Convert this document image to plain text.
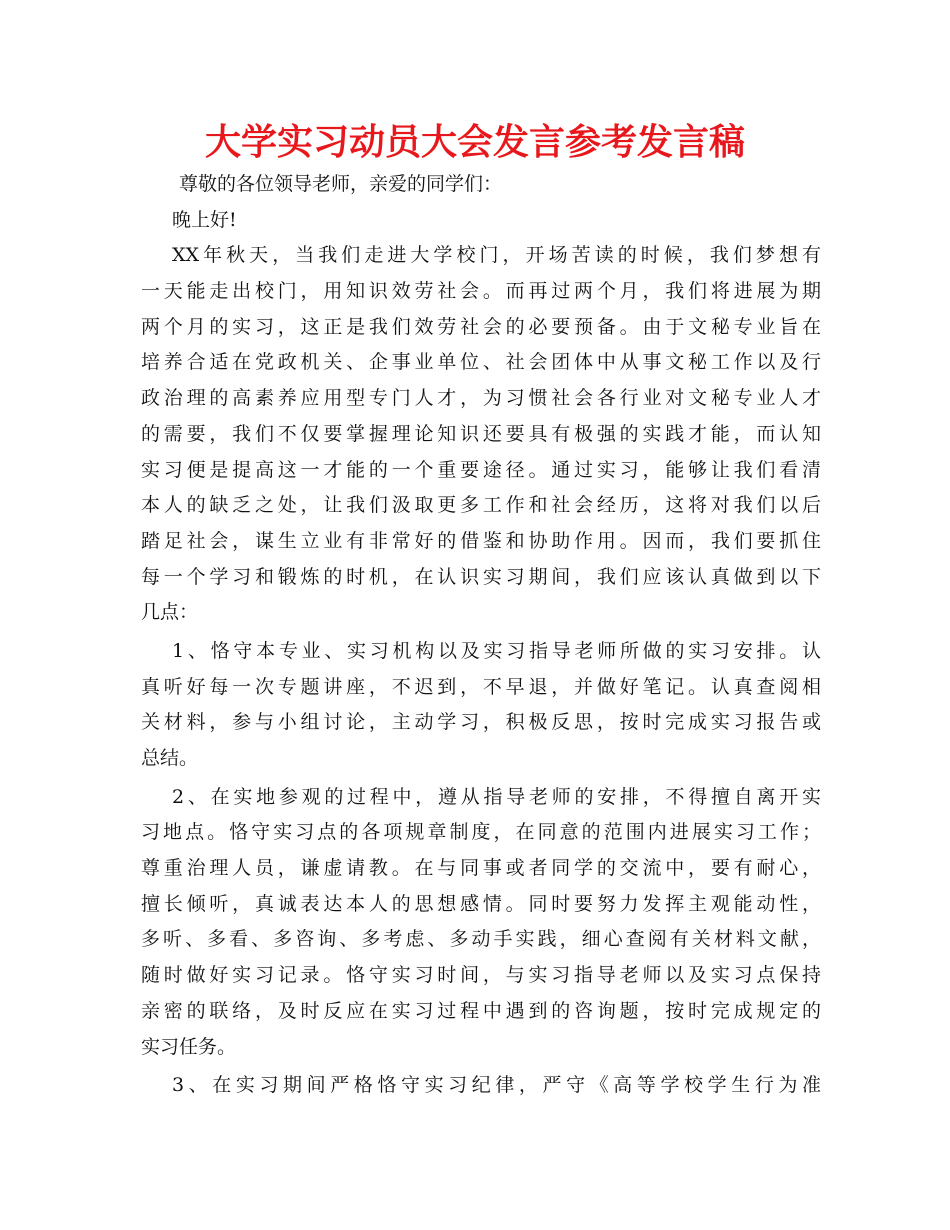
大学实习动员大会发言参考发言稿
尊敬的各位领导老师，亲爱的同学们：
晚上好!
XX年秋天，当我们走进大学校门，开场苦读的时候，我们梦想有
一天能走出校门，用知识效劳社会。而再过两个月，我们将进展为期
两个月的实习，这正是我们效劳社会的必要预备。由于文秘专业旨在
培养合适在党政机关、企事业单位、社会团体中从事文秘工作以及行
政治理的高素养应用型专门人才，为习惯社会各行业对文秘专业人才
的需要，我们不仅要掌握理论知识还要具有极强的实践才能，而认知
实习便是提高这一才能的一个重要途径。通过实习，能够让我们看清
本人的缺乏之处，让我们汲取更多工作和社会经历，这将对我们以后
踏足社会，谋生立业有非常好的借鉴和协助作用。因而，我们要抓住
每一个学习和锻炼的时机，在认识实习期间，我们应该认真做到以下
几点：
1、恪守本专业、实习机构以及实习指导老师所做的实习安排。认
真听好每一次专题讲座，不迟到，不早退，并做好笔记。认真查阅相
关材料，参与小组讨论，主动学习，积极反思，按时完成实习报告或
总结。
2、在实地参观的过程中，遵从指导老师的安排，不得擅自离开实
习地点。恪守实习点的各项规章制度，在同意的范围内进展实习工作；
尊重治理人员，谦虚请教。在与同事或者同学的交流中，要有耐心，
擅长倾听，真诚表达本人的思想感情。同时要努力发挥主观能动性，
多听、多看、多咨询、多考虑、多动手实践，细心查阅有关材料文献，
随时做好实习记录。恪守实习时间，与实习指导老师以及实习点保持
亲密的联络，及时反应在实习过程中遇到的咨询题，按时完成规定的
实习任务。
3、在实习期间严格恪守实习纪律，严守《高等学校学生行为准
